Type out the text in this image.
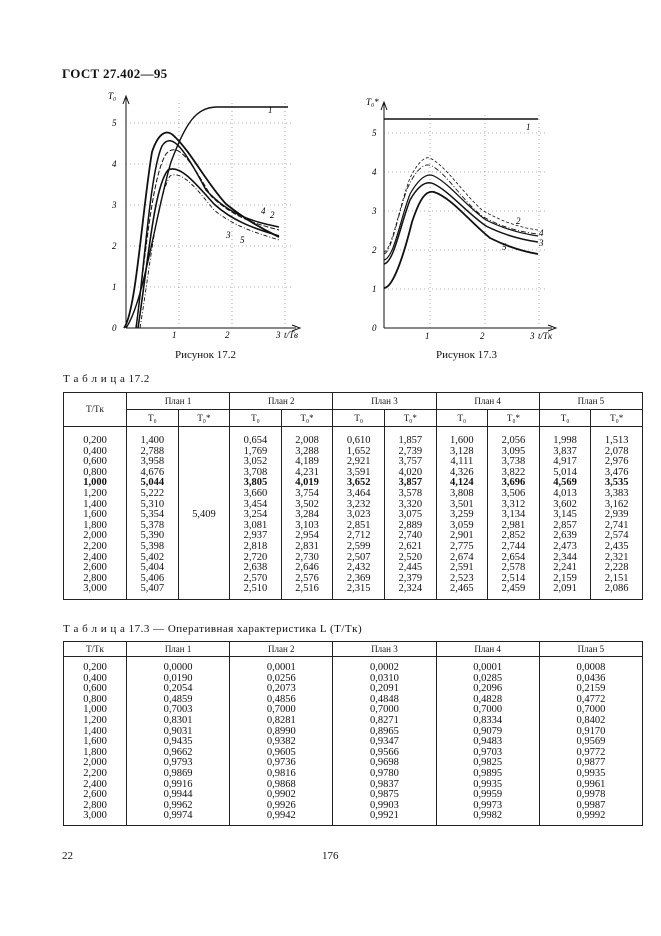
ГОСТ 27.402—95
T₀
0
1
2
3
4
5
1	2	3 t/Tв
1
2
3
4
5
Рисунок 17.2
T₀*
0
1
2
3
4
5
1	2	3 t/Tк
1
2
3
4
5
Рисунок 17.3
Т а б л и ц а 17.2
T/Tк	План 1		План 2		План 3		План 4		План 5	
	T₀	T₀*	T₀	T₀*	T₀	T₀*	T₀	T₀*	T₀	T₀*
0,200	1,400		0,654	2,008	0,610	1,857	1,600	2,056	1,998	1,513
0,400	2,788		1,769	3,288	1,652	2,739	3,128	3,095	3,837	2,078
0,600	3,958		3,052	4,189	2,921	3,757	4,111	3,738	4,917	2,976
0,800	4,676		3,708	4,231	3,591	4,020	4,326	3,822	5,014	3,476
1,000	5,044		3,805	4,019	3,652	3,857	4,124	3,696	4,569	3,535
1,200	5,222		3,660	3,754	3,464	3,578	3,808	3,506	4,013	3,383
1,400	5,310		3,454	3,502	3,232	3,320	3,501	3,312	3,602	3,162
1,600	5,354	5,409	3,254	3,284	3,023	3,075	3,259	3,134	3,145	2,939
1,800	5,378		3,081	3,103	2,851	2,889	3,059	2,981	2,857	2,741
2,000	5,390		2,937	2,954	2,712	2,740	2,901	2,852	2,639	2,574
2,200	5,398		2,818	2,831	2,599	2,621	2,775	2,744	2,473	2,435
2,400	5,402		2,720	2,730	2,507	2,520	2,674	2,654	2,344	2,321
2,600	5,404		2,638	2,646	2,432	2,445	2,591	2,578	2,241	2,228
2,800	5,406		2,570	2,576	2,369	2,379	2,523	2,514	2,159	2,151
3,000	5,407		2,510	2,516	2,315	2,324	2,465	2,459	2,091	2,086
Т а б л и ц а 17.3 — Оперативная характеристика L (T/Tк)
T/Tк	План 1	План 2	План 3	План 4	План 5
0,200	0,0000	0,0001	0,0002	0,0001	0,0008
0,400	0,0190	0,0256	0,0310	0,0285	0,0436
0,600	0,2054	0,2073	0,2091	0,2096	0,2159
0,800	0,4859	0,4856	0,4848	0,4828	0,4772
1,000	0,7003	0,7000	0,7000	0,7000	0,7000
1,200	0,8301	0,8281	0,8271	0,8334	0,8402
1,400	0,9031	0,8990	0,8965	0,9079	0,9170
1,600	0,9435	0,9382	0,9347	0,9483	0,9569
1,800	0,9662	0,9605	0,9566	0,9703	0,9772
2,000	0,9793	0,9736	0,9698	0,9825	0,9877
2,200	0,9869	0,9816	0,9780	0,9895	0,9935
2,400	0,9916	0,9868	0,9837	0,9935	0,9961
2,600	0,9944	0,9902	0,9875	0,9959	0,9978
2,800	0,9962	0,9926	0,9903	0,9973	0,9987
3,000	0,9974	0,9942	0,9921	0,9982	0,9992
22	176
